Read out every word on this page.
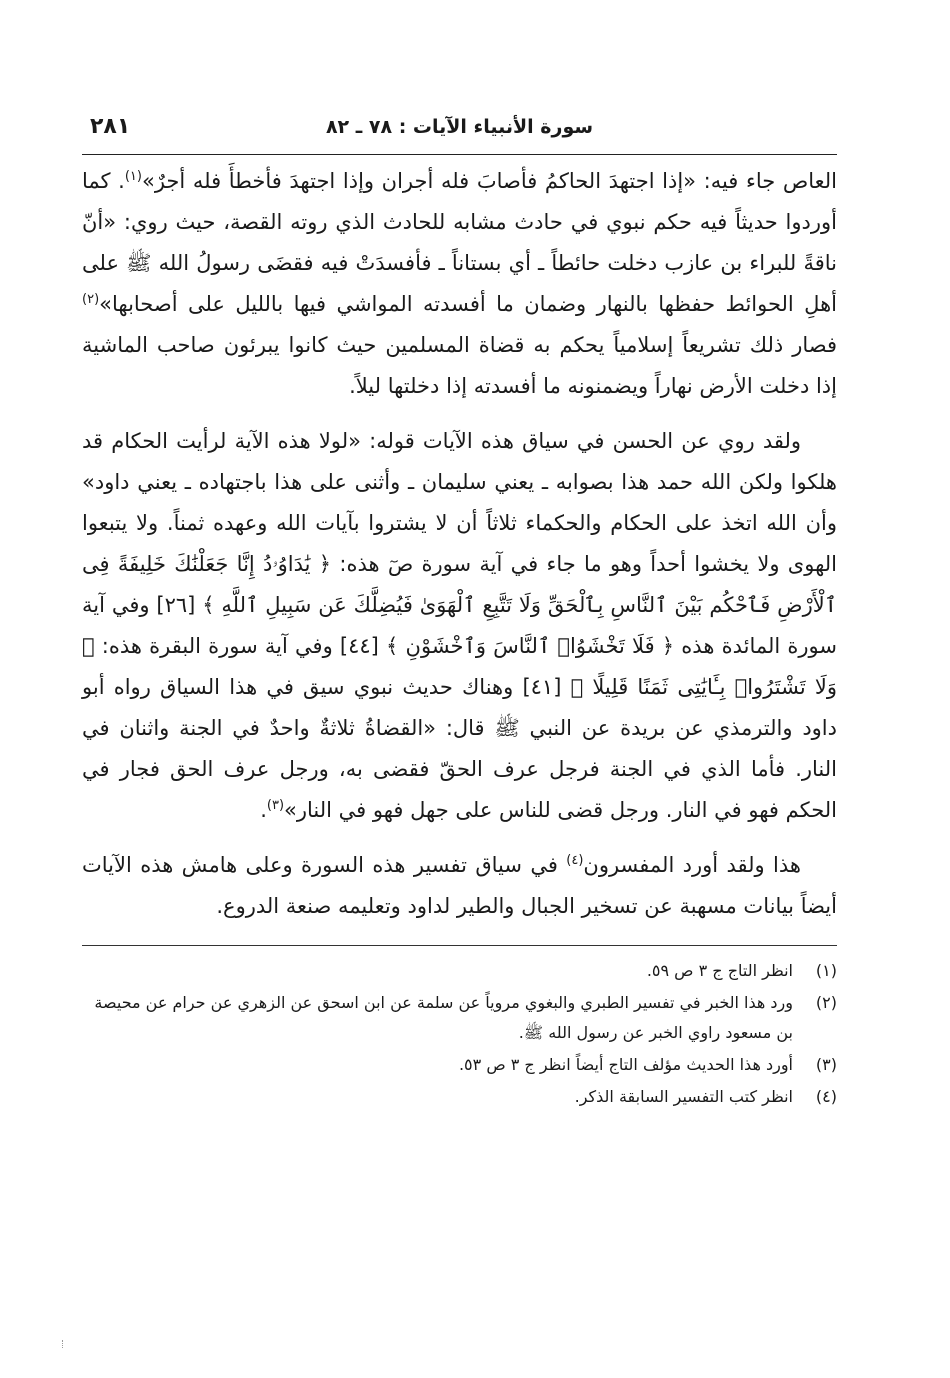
سورة الأنبياء الآيات : ٧٨ ـ ٨٢
٢٨١

العاص جاء فيه: «إذا اجتهدَ الحاكمُ فأصابَ فله أجران وإذا اجتهدَ فأخطأَ فله أجرٌ»$^{(١)}$. كما أوردوا حديثاً فيه حكم نبوي في حادث مشابه للحادث الذي روته القصة، حيث روي: «أنّ ناقةً للبراء بن عازب دخلت حائطاً ـ أي بستاناً ـ فأفسدَتْ فيه فقضَى رسولُ الله ﷺ على أهلِ الحوائط حفظها بالنهار وضمان ما أفسدته المواشي فيها بالليل على أصحابها»$^{(٢)}$ فصار ذلك تشريعاً إسلامياً يحكم به قضاة المسلمين حيث كانوا يبرئون صاحب الماشية إذا دخلت الأرض نهاراً ويضمنونه ما أفسدته إذا دخلتها ليلاً.

ولقد روي عن الحسن في سياق هذه الآيات قوله: «لولا هذه الآية لرأيت الحكام قد هلكوا ولكن الله حمد هذا بصوابه ـ يعني سليمان ـ وأثنى على هذا باجتهاده ـ يعني داود» وأن الله اتخذ على الحكام والحكماء ثلاثاً أن لا يشتروا بآيات الله وعهده ثمناً. ولا يتبعوا الهوى ولا يخشوا أحداً وهو ما جاء في آية سورة صٓ هذه: ﴿ يَٰدَاوُۥدُ إِنَّا جَعَلْنَٰكَ خَلِيفَةً فِى ٱلْأَرْضِ فَٱحْكُم بَيْنَ ٱلنَّاسِ بِٱلْحَقِّ وَلَا تَتَّبِعِ ٱلْهَوَىٰ فَيُضِلَّكَ عَن سَبِيلِ ٱللَّهِ ﴾ [٢٦] وفي آية سورة المائدة هذه ﴿ فَلَا تَخْشَوُا۟ ٱلنَّاسَ وَٱخْشَوْنِ ﴾ [٤٤] وفي آية سورة البقرة هذه: ﴿ وَلَا تَشْتَرُوا۟ بِـَٔايَٰتِى ثَمَنًا قَلِيلًا ﴾ [٤١] وهناك حديث نبوي سيق في هذا السياق رواه أبو داود والترمذي عن بريدة عن النبي ﷺ قال: «القضاةُ ثلاثةٌ واحدٌ في الجنة واثنان في النار. فأما الذي في الجنة فرجل عرف الحقّ فقضى به، ورجل عرف الحق فجار في الحكم فهو في النار. ورجل قضى للناس على جهل فهو في النار»$^{(٣)}$.

هذا ولقد أورد المفسرون$^{(٤)}$ في سياق تفسير هذه السورة وعلى هامش هذه الآيات أيضاً بيانات مسهبة عن تسخير الجبال والطير لداود وتعليمه صنعة الدروع.

(١)
انظر التاج ج ٣ ص ٥٩.

(٢)
ورد هذا الخبر في تفسير الطبري والبغوي مروياً عن سلمة عن ابن اسحق عن الزهري عن حرام عن محيصة بن مسعود راوي الخبر عن رسول الله ﷺ.

(٣)
أورد هذا الحديث مؤلف التاج أيضاً انظر ج ٣ ص ٥٣.

(٤)
انظر كتب التفسير السابقة الذكر.
